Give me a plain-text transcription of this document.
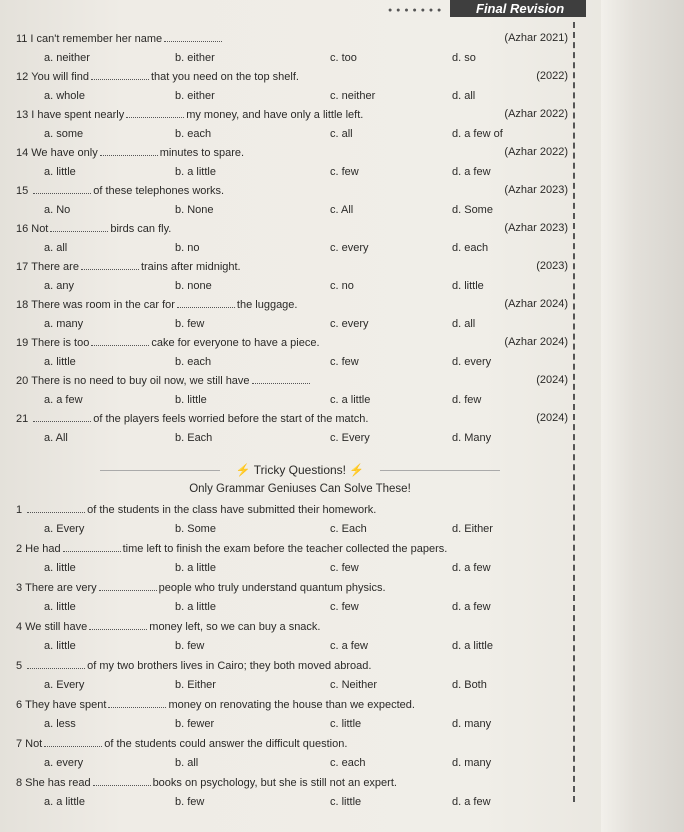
● ● ● ● ● ● ●	Final Revision
11 I can't remember her name	(Azhar 2021)
a. neither	b. either	c. too	d. so
12 You will find	that you need on the top shelf.	(2022)
a. whole	b. either	c. neither	d. all
13 I have spent nearly	my money, and have only a little left.	(Azhar 2022)
a. some	b. each	c. all	d. a few of
14 We have only	minutes to spare.	(Azhar 2022)
a. little	b. a little	c. few	d. a few
15	of these telephones works.	(Azhar 2023)
a. No	b. None	c. All	d. Some
16 Not	birds can fly.	(Azhar 2023)
a. all	b. no	c. every	d. each
17 There are	trains after midnight.	(2023)
a. any	b. none	c. no	d. little
18 There was room in the car for	the luggage.	(Azhar 2024)
a. many	b. few	c. every	d. all
19 There is too	cake for everyone to have a piece.	(Azhar 2024)
a. little	b. each	c. few	d. every
20 There is no need to buy oil now, we still have	(2024)
a. a few	b. little	c. a little	d. few
21	of the players feels worried before the start of the match.	(2024)
a. All	b. Each	c. Every	d. Many
⚡ Tricky Questions! ⚡
Only Grammar Geniuses Can Solve These!
1	of the students in the class have submitted their homework.
a. Every	b. Some	c. Each	d. Either
2 He had	time left to finish the exam before the teacher collected the papers.
a. little	b. a little	c. few	d. a few
3 There are very	people who truly understand quantum physics.
a. little	b. a little	c. few	d. a few
4 We still have	money left, so we can buy a snack.
a. little	b. few	c. a few	d. a little
5	of my two brothers lives in Cairo; they both moved abroad.
a. Every	b. Either	c. Neither	d. Both
6 They have spent	money on renovating the house than we expected.
a. less	b. fewer	c. little	d. many
7 Not	of the students could answer the difficult question.
a. every	b. all	c. each	d. many
8 She has read	books on psychology, but she is still not an expert.
a. a little	b. few	c. little	d. a few
